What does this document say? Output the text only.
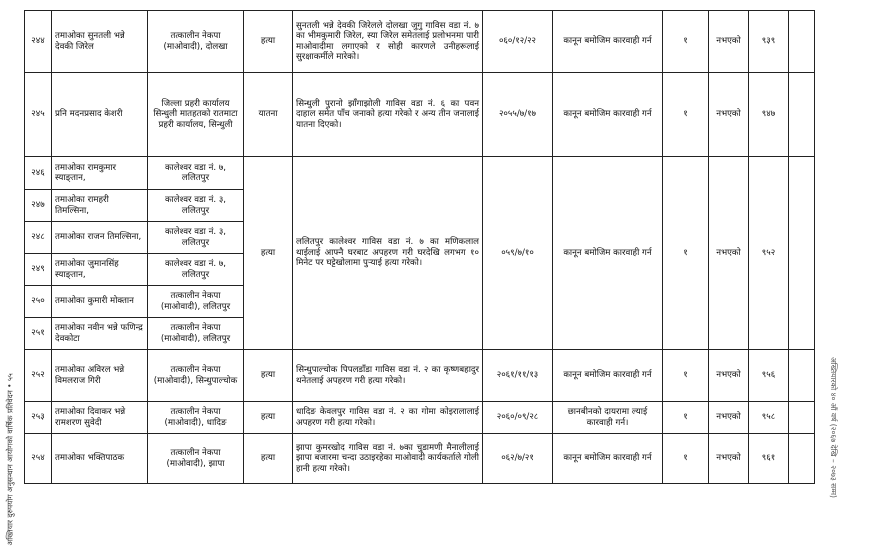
२४४	तमाओका सुनतली भन्ने देवकी जिरेल	तत्कालीन नेकपा (माओवादी), दोलखा	हत्या	सुनतली भन्ने देवकी जिरेलले दोलखा जुगु गाविस वडा नं. ७ का भीमकुमारी जिरेल, स्या जिरेल समेतलाई प्रलोभनमा पारी माओवादीमा लगाएको र सोही कारणले उनीहरूलाई सुरक्षाकर्मीले मारेको।	०६०/१२/२२	कानून बमोजिम कारवाही गर्न	१	नभएको	९३९	
२४५	प्रनि मदनप्रसाद केशरी	जिल्ला प्रहरी कार्यालय सिन्धुली मातहतको रातमाटा प्रहरी कार्यालय, सिन्धुली	यातना	सिन्धुली पुरानो झाँगाझोली गाविस वडा नं. ६ का पवन दाहाल समेत पाँच जनाको हत्या गरेको र अन्य तीन जनालाई यातना दिएको।	२०५५/७/१७	कानून बमोजिम कारवाही गर्न	१	नभएको	९४७	
२४६	तमाओका रामकुमार स्याङ्तान,	कालेश्वर वडा नं. ७, ललितपुर	हत्या	ललितपुर कालेश्वर गाविस वडा नं. ७ का मणिकलाल थाईलाई आफ्नै घरबाट अपहरण गरी घरदेखि लगभग १० मिनेट पर घट्टेखोलामा पुऱ्याई हत्या गरेको।	०५९/७/१०	कानून बमोजिम कारवाही गर्न	१	नभएको	९५२	
२४७	तमाओका रामहरी तिमल्सिना,	कालेश्वर वडा नं. ३, ललितपुर								
२४८	तमाओका राजन तिमल्सिना,	कालेश्वर वडा नं. ३, ललितपुर								
२४९	तमाओका जुमानसिंह स्याङ्तान,	कालेश्वर वडा नं. ७, ललितपुर								
२५०	तमाओका कुमारी मोक्तान	तत्कालीन नेकपा (माओवादी), ललितपुर								
२५१	तमाओका नवीन भन्ने फणिन्द्र देवकोटा	तत्कालीन नेकपा (माओवादी), ललितपुर								
२५२	तमाओका अविरल भन्ने विमलराज गिरी	तत्कालीन नेकपा (माओवादी), सिन्धुपाल्चोक	हत्या	सिन्धुपाल्चोक पिपलडाँडा गाविस वडा नं. २ का कृष्णबहादुर थनेतलाई अपहरण गरी हत्या गरेको।	२०६१/११/१३	कानून बमोजिम कारवाही गर्न	१	नभएको	९५६	
२५३	तमाओका दिवाकर भन्ने रामशरण सुवेदी	तत्कालीन नेकपा (माओवादी), धादिङ	हत्या	धादिङ केवलपुर गाविस वडा नं. २ का गोमा कोइरालालाई अपहरण गरी हत्या गरेको।	२०६०/०९/२८	छानबीनको दायरामा ल्याई कारवाही गर्न।	१	नभएको	९५८	
२५४	तमाओका भक्तिपाठक	तत्कालीन नेकपा (माओवादी), झापा	हत्या	झापा कुमरखोद गाविस वडा नं. ७का चुडामणी मैनालीलाई झापा बजारमा चन्दा उठाइरहेका माओवादी कार्यकर्ताले गोली हानी हत्या गरेको।	०६२/७/२१	कानून बमोजिम कारवाही गर्न	१	नभएको	९६१	
अख्तियार दुरुपयोग अनुसन्धान आयोगको वार्षिक प्रतिवेदन • ५५	अख्तियारको ४० औं वर्ष (२०६७ देखि – २०७३ सम्म)
